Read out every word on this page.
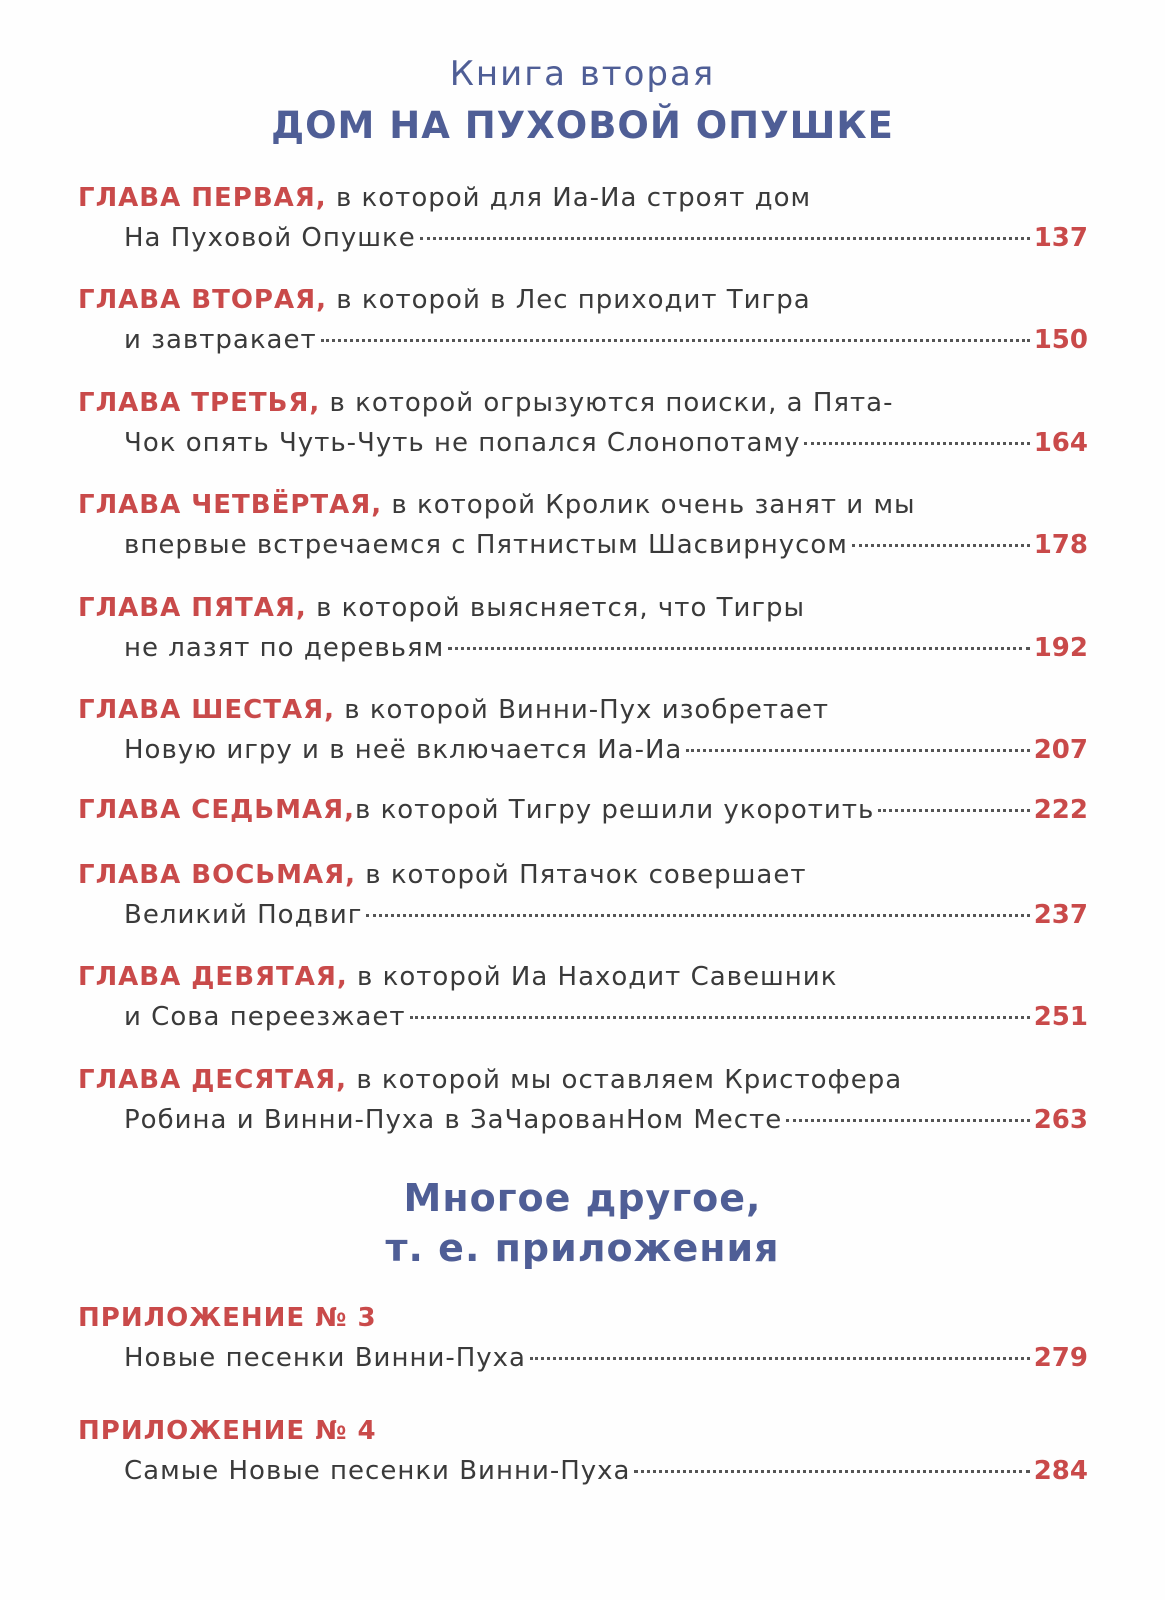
Книга вторая
ДОМ НА ПУХОВОЙ ОПУШКЕ
ГЛАВА ПЕРВАЯ, в которой для Иа-Иа строят дом
На Пуховой Опушке	137
ГЛАВА ВТОРАЯ, в которой в Лес приходит Тигра
и завтракает	150
ГЛАВА ТРЕТЬЯ, в которой огрызуются поиски, а Пята-
Чок опять Чуть-Чуть не попался Слонопотаму	164
ГЛАВА ЧЕТВЁРТАЯ, в которой Кролик очень занят и мы
впервые встречаемся с Пятнистым Шасвирнусом	178
ГЛАВА ПЯТАЯ, в которой выясняется, что Тигры
не лазят по деревьям	192
ГЛАВА ШЕСТАЯ, в которой Винни-Пух изобретает
Новую игру и в неё включается Иа-Иа	207
ГЛАВА СЕДЬМАЯ, в которой Тигру решили укоротить	222
ГЛАВА ВОСЬМАЯ, в которой Пятачок совершает
Великий Подвиг	237
ГЛАВА ДЕВЯТАЯ, в которой Иа Находит Савешник
и Сова переезжает	251
ГЛАВА ДЕСЯТАЯ, в которой мы оставляем Кристофера
Робина и Винни-Пуха в ЗаЧарованНом Месте	263
Многое другое,
т. е. приложения
ПРИЛОЖЕНИЕ № 3
Новые песенки Винни-Пуха	279
ПРИЛОЖЕНИЕ № 4
Самые Новые песенки Винни-Пуха	284
